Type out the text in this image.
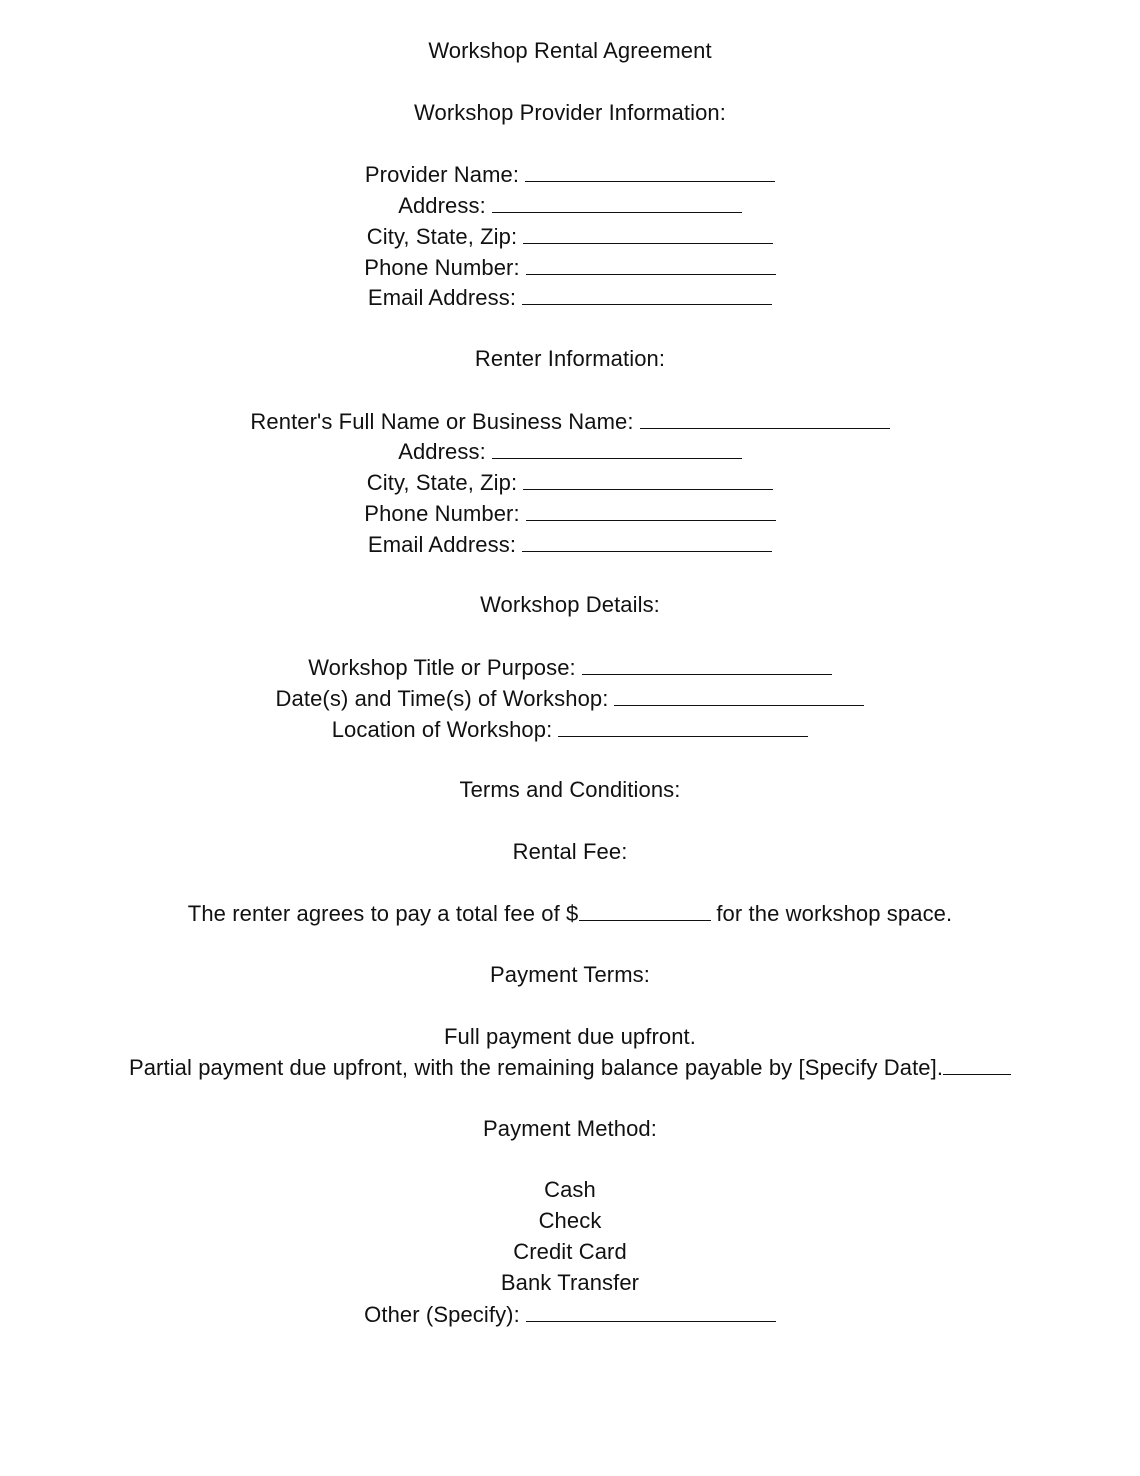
Workshop Rental Agreement
Workshop Provider Information:
Provider Name:
Address:
City, State, Zip:
Phone Number:
Email Address:
Renter Information:
Renter's Full Name or Business Name:
Address:
City, State, Zip:
Phone Number:
Email Address:
Workshop Details:
Workshop Title or Purpose:
Date(s) and Time(s) of Workshop:
Location of Workshop:
Terms and Conditions:
Rental Fee:
The renter agrees to pay a total fee of $	for the workshop space.
Payment Terms:
Full payment due upfront.
Partial payment due upfront, with the remaining balance payable by [Specify Date].
Payment Method:
Cash
Check
Credit Card
Bank Transfer
Other (Specify):
